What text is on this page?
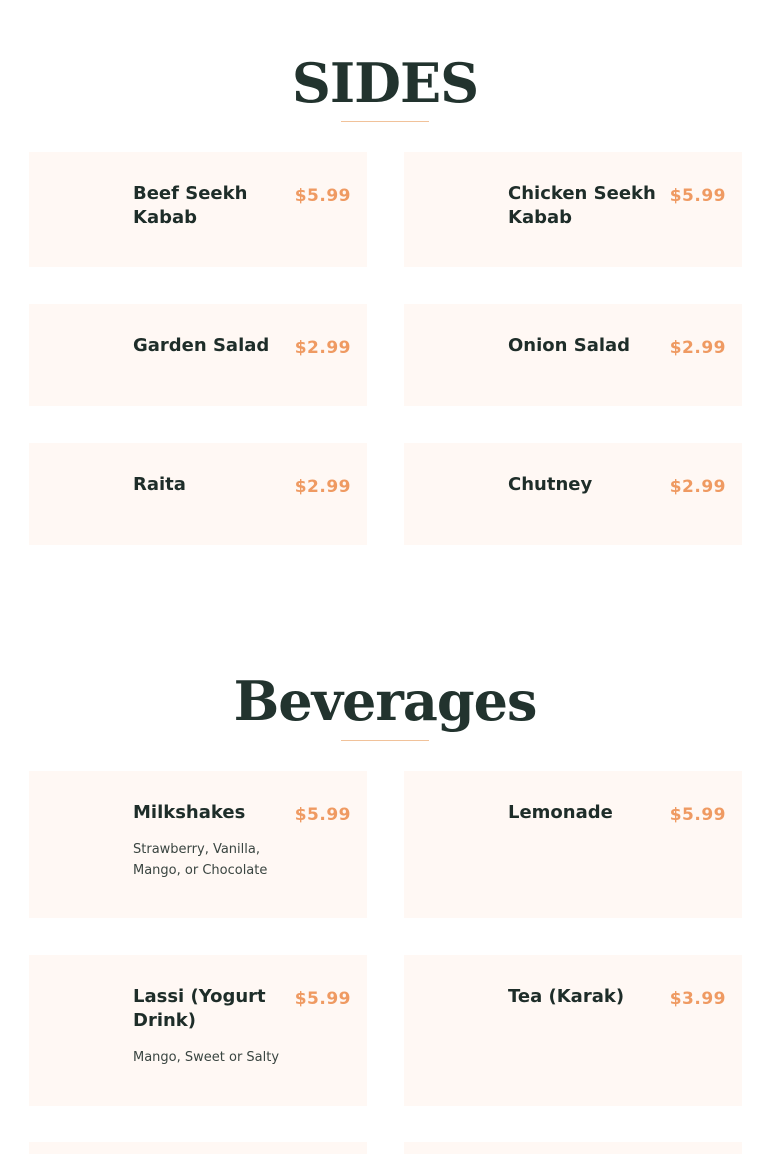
SIDES
Beef Seekh Kabab
$5.99	Chicken Seekh Kabab
$5.99
Garden Salad	$2.99	Onion Salad	$2.99
Raita	$2.99	Chutney	$2.99
Beverages
Milkshakes	$5.99
Strawberry, Vanilla, Mango, or Chocolate
Lemonade	$5.99
Lassi (Yogurt Drink)
$5.99
Mango, Sweet or Salty
Tea (Karak)	$3.99
